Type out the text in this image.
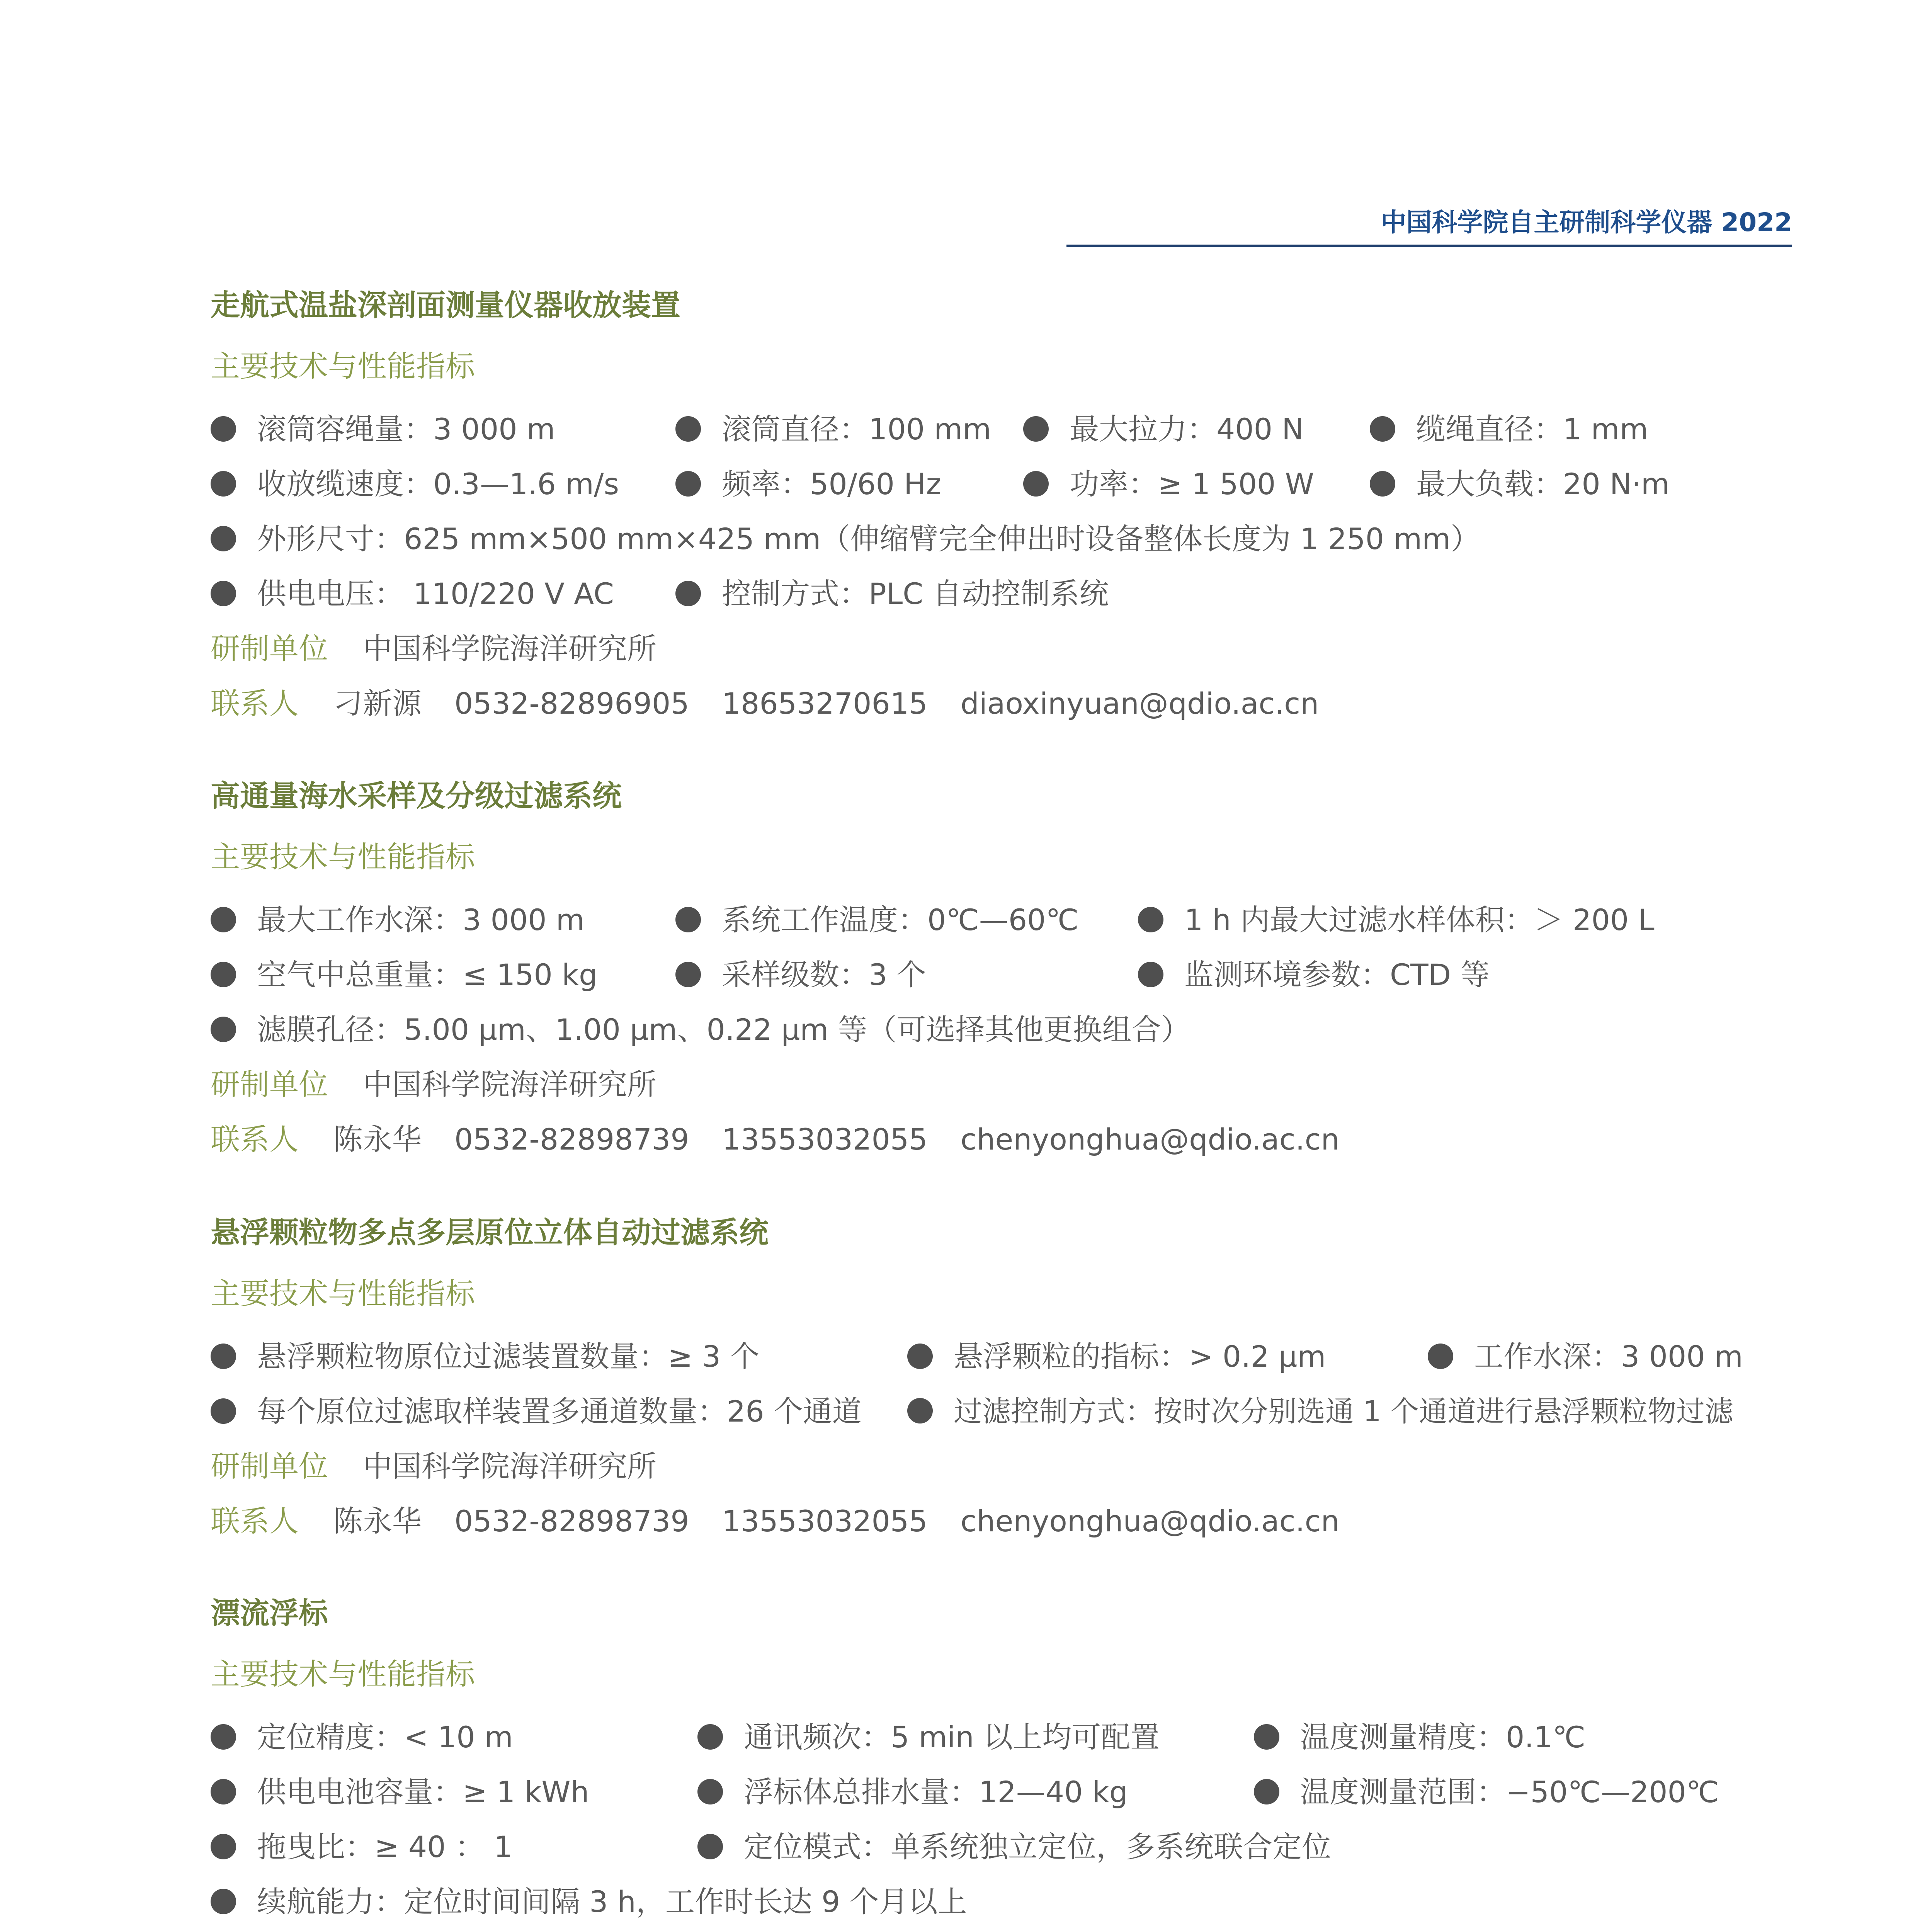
中国科学院自主研制科学仪器 2022
走航式温盐深剖面测量仪器收放装置
主要技术与性能指标
滚筒容绳量：3 000 m	滚筒直径：100 mm	最大拉力：400 N	缆绳直径：1 mm
收放缆速度：0.3—1.6 m/s	频率：50/60 Hz	功率：≥ 1 500 W	最大负载：20 N·m
外形尺寸：625 mm×500 mm×425 mm（伸缩臂完全伸出时设备整体长度为 1 250 mm）
供电电压： 110/220 V AC	控制方式：PLC 自动控制系统
研制单位 中国科学院海洋研究所
联系人 刁新源 0532-82896905 18653270615 diaoxinyuan@qdio.ac.cn
高通量海水采样及分级过滤系统
主要技术与性能指标
最大工作水深：3 000 m	系统工作温度：0℃—60℃	1 h 内最大过滤水样体积：＞ 200 L
空气中总重量：≤ 150 kg	采样级数：3 个	监测环境参数：CTD 等
滤膜孔径：5.00 μm、1.00 μm、0.22 μm 等（可选择其他更换组合）
研制单位 中国科学院海洋研究所
联系人 陈永华 0532-82898739 13553032055 chenyonghua@qdio.ac.cn
悬浮颗粒物多点多层原位立体自动过滤系统
主要技术与性能指标
悬浮颗粒物原位过滤装置数量：≥ 3 个	悬浮颗粒的指标：> 0.2 μm	工作水深：3 000 m
每个原位过滤取样装置多通道数量：26 个通道	过滤控制方式：按时次分别选通 1 个通道进行悬浮颗粒物过滤
研制单位 中国科学院海洋研究所
联系人 陈永华 0532-82898739 13553032055 chenyonghua@qdio.ac.cn
漂流浮标
主要技术与性能指标
定位精度：< 10 m	通讯频次：5 min 以上均可配置	温度测量精度：0.1℃
供电电池容量：≥ 1 kWh	浮标体总排水量：12—40 kg	温度测量范围：−50℃—200℃
拖曳比：≥ 40 ： 1	定位模式：单系统独立定位，多系统联合定位
续航能力：定位时间间隔 3 h，工作时长达 9 个月以上
